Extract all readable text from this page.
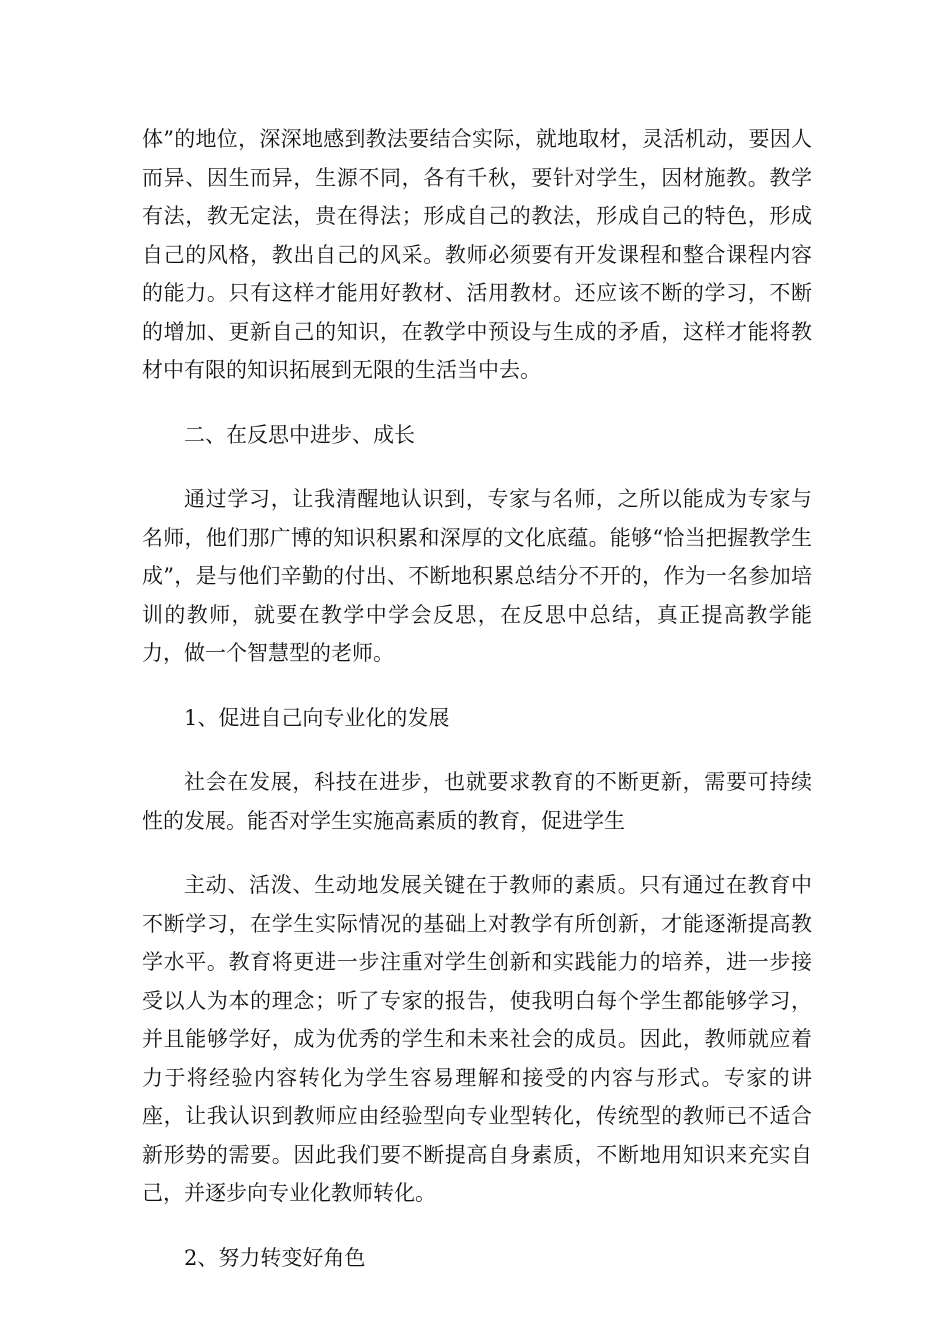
体”的地位，深深地感到教法要结合实际，就地取材，灵活机动，要因人而异、因生而异，生源不同，各有千秋，要针对学生，因材施教。教学有法，教无定法，贵在得法；形成自己的教法，形成自己的特色，形成自己的风格，教出自己的风采。教师必须要有开发课程和整合课程内容的能力。只有这样才能用好教材、活用教材。还应该不断的学习，不断的增加、更新自己的知识，在教学中预设与生成的矛盾，这样才能将教材中有限的知识拓展到无限的生活当中去。

二、在反思中进步、成长

通过学习，让我清醒地认识到，专家与名师，之所以能成为专家与名师，他们那广博的知识积累和深厚的文化底蕴。能够“恰当把握教学生成”，是与他们辛勤的付出、不断地积累总结分不开的，作为一名参加培训的教师，就要在教学中学会反思，在反思中总结，真正提高教学能力，做一个智慧型的老师。

1、促进自己向专业化的发展

社会在发展，科技在进步，也就要求教育的不断更新，需要可持续性的发展。能否对学生实施高素质的教育，促进学生

主动、活泼、生动地发展关键在于教师的素质。只有通过在教育中不断学习，在学生实际情况的基础上对教学有所创新，才能逐渐提高教学水平。教育将更进一步注重对学生创新和实践能力的培养，进一步接受以人为本的理念；听了专家的报告，使我明白每个学生都能够学习，并且能够学好，成为优秀的学生和未来社会的成员。因此，教师就应着力于将经验内容转化为学生容易理解和接受的内容与形式。专家的讲座，让我认识到教师应由经验型向专业型转化，传统型的教师已不适合新形势的需要。因此我们要不断提高自身素质，不断地用知识来充实自己，并逐步向专业化教师转化。

2、努力转变好角色
